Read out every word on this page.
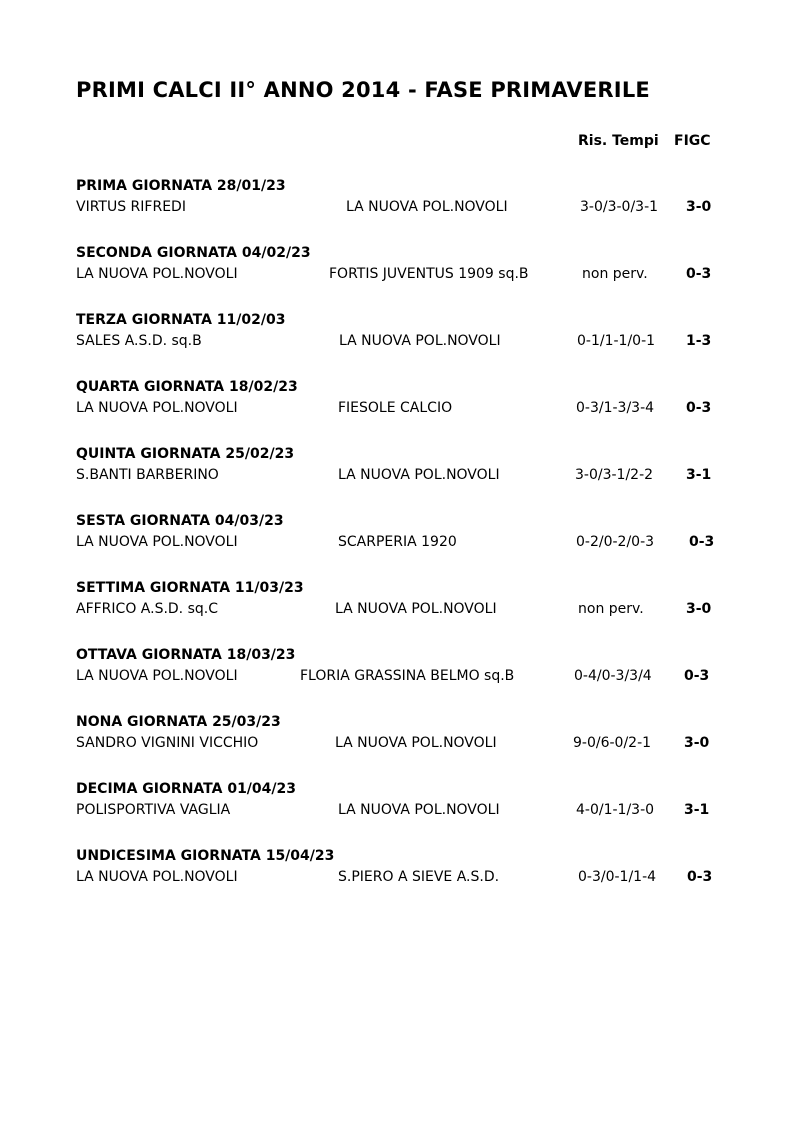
PRIMI CALCI II° ANNO 2014 - FASE PRIMAVERILE
Ris. Tempi FIGC
PRIMA GIORNATA 28/01/23
VIRTUS RIFREDI	LA NUOVA POL.NOVOLI	3-0/3-0/3-1 3-0
SECONDA GIORNATA 04/02/23
LA NUOVA POL.NOVOLI	FORTIS JUVENTUS 1909 sq.B	non perv.	0-3
TERZA GIORNATA 11/02/03
SALES A.S.D. sq.B	LA NUOVA POL.NOVOLI	0-1/1-1/0-1 1-3
QUARTA GIORNATA 18/02/23
LA NUOVA POL.NOVOLI	FIESOLE CALCIO	0-3/1-3/3-4 0-3
QUINTA GIORNATA 25/02/23
S.BANTI BARBERINO	LA NUOVA POL.NOVOLI	3-0/3-1/2-2 3-1
SESTA GIORNATA 04/03/23
LA NUOVA POL.NOVOLI	SCARPERIA 1920	0-2/0-2/0-3 0-3
SETTIMA GIORNATA 11/03/23
AFFRICO A.S.D. sq.C	LA NUOVA POL.NOVOLI	non perv.	3-0
OTTAVA GIORNATA 18/03/23
LA NUOVA POL.NOVOLI	FLORIA GRASSINA BELMO sq.B	0-4/0-3/3/4 0-3
NONA GIORNATA 25/03/23
SANDRO VIGNINI VICCHIO	LA NUOVA POL.NOVOLI	9-0/6-0/2-1 3-0
DECIMA GIORNATA 01/04/23
POLISPORTIVA VAGLIA	LA NUOVA POL.NOVOLI	4-0/1-1/3-0 3-1
UNDICESIMA GIORNATA 15/04/23
LA NUOVA POL.NOVOLI	S.PIERO A SIEVE A.S.D.	0-3/0-1/1-4 0-3
